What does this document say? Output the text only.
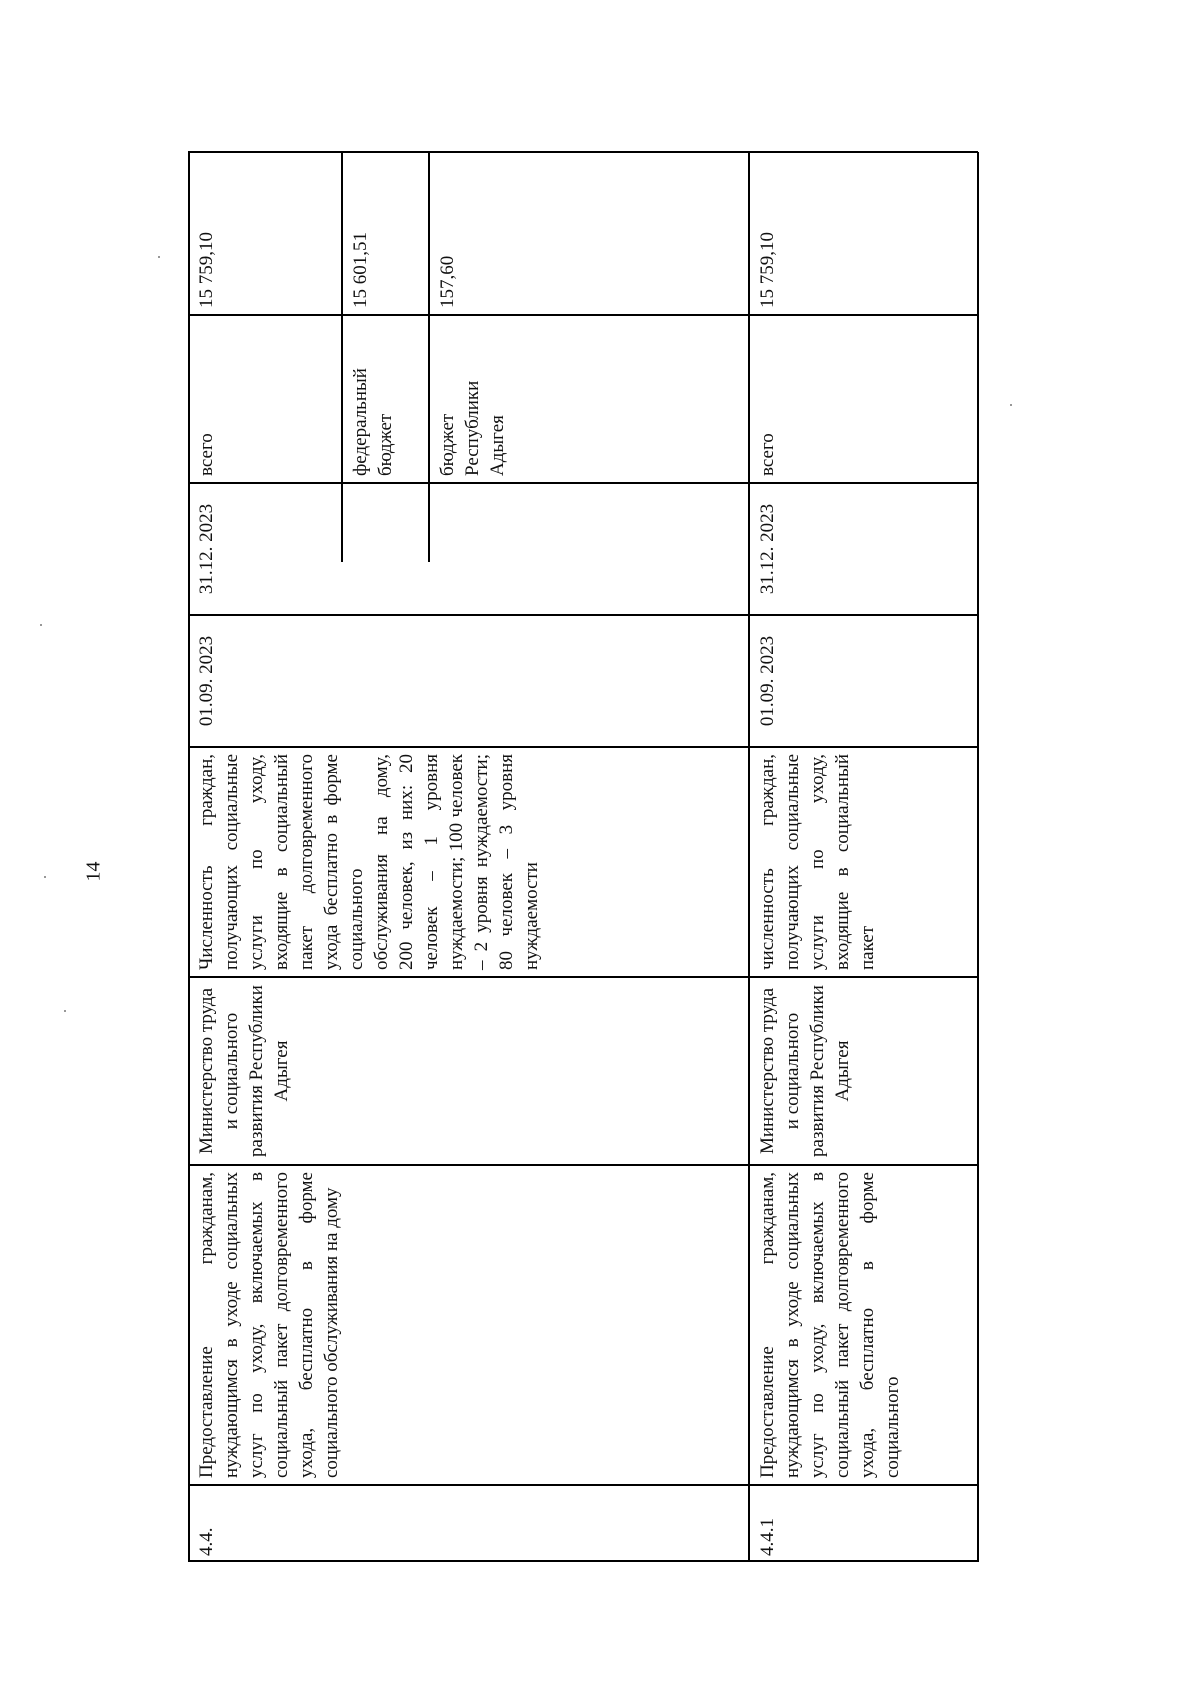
14
4.4.
Предоставление гражданам, нуждающимся в уходе социальных услуг по уходу, включаемых в социальный пакет долговременного ухода, бесплатно в форме социального обслуживания на дому
Министерство труда и социального развития Республики Адыгея
Численность граждан, получающих социальные услуги по уходу, входящие в социальный пакет долговременного ухода бесплатно в форме социального обслуживания на дому, 200 человек, из них: 20 человек – 1 уровня нуждаемости; 100 человек – 2 уровня нуждаемости; 80 человек – 3 уровня нуждаемости
01.09. 2023
31.12. 2023
всего
15 759,10
федеральный бюджет
15 601,51
бюджет Республики Адыгея
157,60
4.4.1
Предоставление гражданам, нуждающимся в уходе социальных услуг по уходу, включаемых в социальный пакет долговременного ухода, бесплатно в форме социального
Министерство труда и социального развития Республики Адыгея
численность граждан, получающих социальные услуги по уходу, входящие в социальный пакет
01.09. 2023
31.12. 2023
всего
15 759,10
